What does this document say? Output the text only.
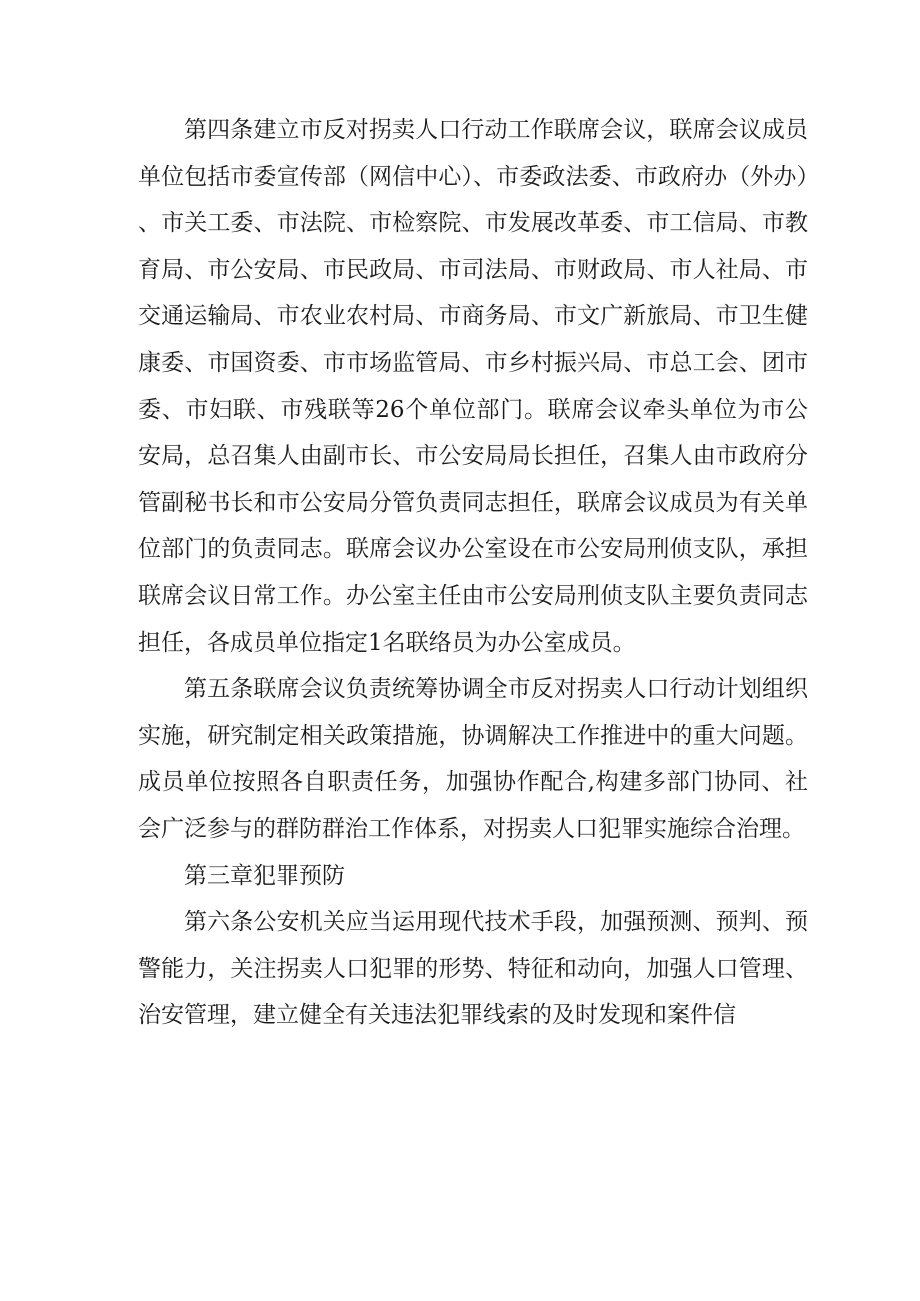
第四条建立市反对拐卖人口行动工作联席会议，联席会议成员单位包括市委宣传部（网信中心）、市委政法委、市政府办（外办）、市关工委、市法院、市检察院、市发展改革委、市工信局、市教育局、市公安局、市民政局、市司法局、市财政局、市人社局、市交通运输局、市农业农村局、市商务局、市文广新旅局、市卫生健康委、市国资委、市市场监管局、市乡村振兴局、市总工会、团市委、市妇联、市残联等26个单位部门。联席会议牵头单位为市公安局，总召集人由副市长、市公安局局长担任，召集人由市政府分管副秘书长和市公安局分管负责同志担任，联席会议成员为有关单位部门的负责同志。联席会议办公室设在市公安局刑侦支队，承担联席会议日常工作。办公室主任由市公安局刑侦支队主要负责同志担任，各成员单位指定1名联络员为办公室成员。

第五条联席会议负责统筹协调全市反对拐卖人口行动计划组织实施，研究制定相关政策措施，协调解决工作推进中的重大问题。成员单位按照各自职责任务，加强协作配合,构建多部门协同、社会广泛参与的群防群治工作体系，对拐卖人口犯罪实施综合治理。

第三章犯罪预防

第六条公安机关应当运用现代技术手段，加强预测、预判、预警能力，关注拐卖人口犯罪的形势、特征和动向，加强人口管理、治安管理，建立健全有关违法犯罪线索的及时发现和案件信
